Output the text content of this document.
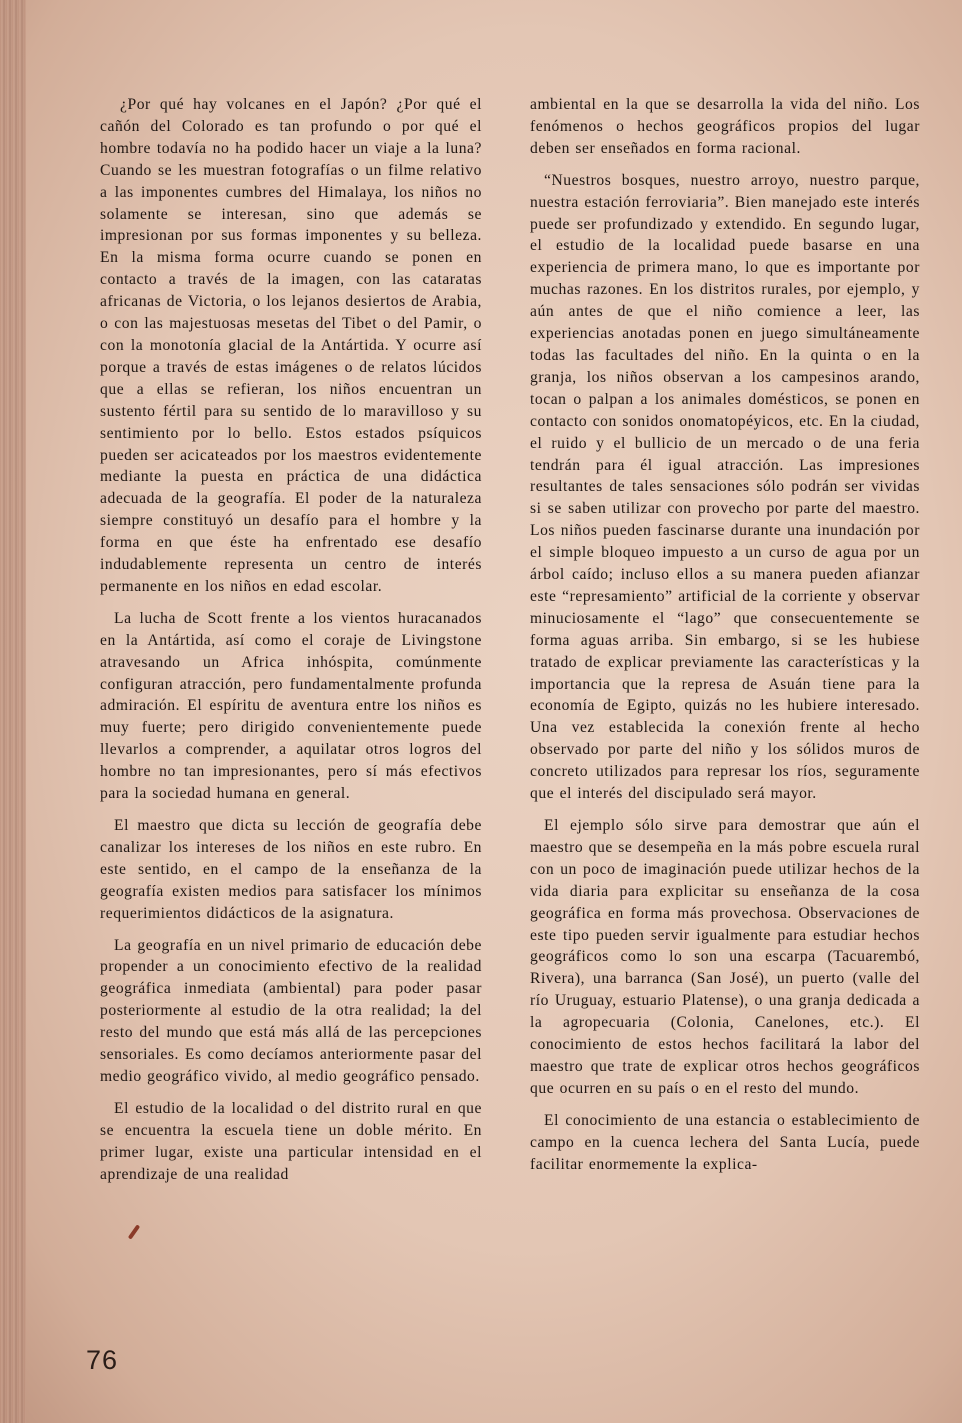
¿Por qué hay volcanes en el Japón? ¿Por qué el cañón del Colorado es tan profundo o por qué el hombre todavía no ha podido hacer un viaje a la luna? Cuando se les muestran fotografías o un filme relativo a las imponentes cumbres del Himalaya, los niños no solamente se interesan, sino que además se impresionan por sus formas imponentes y su belleza. En la misma forma ocurre cuando se ponen en contacto a través de la imagen, con las cataratas africanas de Victoria, o los lejanos desiertos de Arabia, o con las majestuosas mesetas del Tibet o del Pamir, o con la monotonía glacial de la Antártida. Y ocurre así porque a través de estas imágenes o de relatos lúcidos que a ellas se refieran, los niños encuentran un sustento fértil para su sentido de lo maravilloso y su sentimiento por lo bello. Estos estados psíquicos pueden ser acicateados por los maestros evidentemente mediante la puesta en práctica de una didáctica adecuada de la geografía. El poder de la naturaleza siempre constituyó un desafío para el hombre y la forma en que éste ha enfrentado ese desafío indudablemente representa un centro de interés permanente en los niños en edad escolar.

La lucha de Scott frente a los vientos huracanados en la Antártida, así como el coraje de Livingstone atravesando un Africa inhóspita, comúnmente configuran atracción, pero fundamentalmente profunda admiración. El espíritu de aventura entre los niños es muy fuerte; pero dirigido convenientemente puede llevarlos a comprender, a aquilatar otros logros del hombre no tan impresionantes, pero sí más efectivos para la sociedad humana en general.

El maestro que dicta su lección de geografía debe canalizar los intereses de los niños en este rubro. En este sentido, en el campo de la enseñanza de la geografía existen medios para satisfacer los mínimos requerimientos didácticos de la asignatura.

La geografía en un nivel primario de educación debe propender a un conocimiento efectivo de la realidad geográfica inmediata (ambiental) para poder pasar posteriormente al estudio de la otra realidad; la del resto del mundo que está más allá de las percepciones sensoriales. Es como decíamos anteriormente pasar del medio geográfico vivido, al medio geográfico pensado.

El estudio de la localidad o del distrito rural en que se encuentra la escuela tiene un doble mérito. En primer lugar, existe una particular intensidad en el aprendizaje de una realidad

ambiental en la que se desarrolla la vida del niño. Los fenómenos o hechos geográficos propios del lugar deben ser enseñados en forma racional.

“Nuestros bosques, nuestro arroyo, nuestro parque, nuestra estación ferroviaria”. Bien manejado este interés puede ser profundizado y extendido. En segundo lugar, el estudio de la localidad puede basarse en una experiencia de primera mano, lo que es importante por muchas razones. En los distritos rurales, por ejemplo, y aún antes de que el niño comience a leer, las experiencias anotadas ponen en juego simultáneamente todas las facultades del niño. En la quinta o en la granja, los niños observan a los campesinos arando, tocan o palpan a los animales domésticos, se ponen en contacto con sonidos onomatopéyicos, etc. En la ciudad, el ruido y el bullicio de un mercado o de una feria tendrán para él igual atracción. Las impresiones resultantes de tales sensaciones sólo podrán ser vividas si se saben utilizar con provecho por parte del maestro. Los niños pueden fascinarse durante una inundación por el simple bloqueo impuesto a un curso de agua por un árbol caído; incluso ellos a su manera pueden afianzar este “represamiento” artificial de la corriente y observar minuciosamente el “lago” que consecuentemente se forma aguas arriba. Sin embargo, si se les hubiese tratado de explicar previamente las características y la importancia que la represa de Asuán tiene para la economía de Egipto, quizás no les hubiere interesado. Una vez establecida la conexión frente al hecho observado por parte del niño y los sólidos muros de concreto utilizados para represar los ríos, seguramente que el interés del discipulado será mayor.

El ejemplo sólo sirve para demostrar que aún el maestro que se desempeña en la más pobre escuela rural con un poco de imaginación puede utilizar hechos de la vida diaria para explicitar su enseñanza de la cosa geográfica en forma más provechosa. Observaciones de este tipo pueden servir igualmente para estudiar hechos geográficos como lo son una escarpa (Tacuarembó, Rivera), una barranca (San José), un puerto (valle del río Uruguay, estuario Platense), o una granja dedicada a la agropecuaria (Colonia, Canelones, etc.). El conocimiento de estos hechos facilitará la labor del maestro que trate de explicar otros hechos geográficos que ocurren en su país o en el resto del mundo.

El conocimiento de una estancia o establecimiento de campo en la cuenca lechera del Santa Lucía, puede facilitar enormemente la explica-

76
